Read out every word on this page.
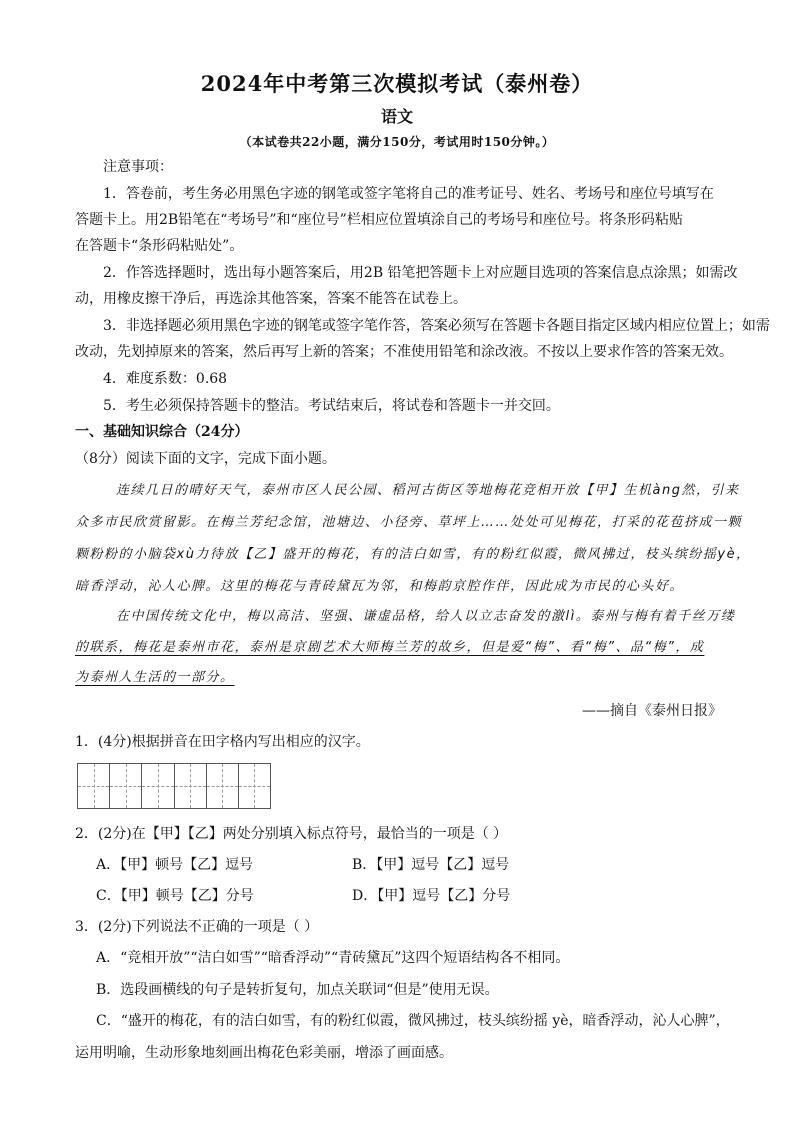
2024年中考第三次模拟考试（泰州卷）
语文
（本试卷共22小题，满分150分，考试用时150分钟。）
注意事项：
1．答卷前，考生务必用黑色字迹的钢笔或签字笔将自己的准考证号、姓名、考场号和座位号填写在
答题卡上。用2B铅笔在“考场号”和“座位号”栏相应位置填涂自己的考场号和座位号。将条形码粘贴
在答题卡“条形码粘贴处”。
2．作答选择题时，选出每小题答案后，用2B 铅笔把答题卡上对应题目选项的答案信息点涂黑；如需改
动，用橡皮擦干净后，再选涂其他答案，答案不能答在试卷上。
3．非选择题必须用黑色字迹的钢笔或签字笔作答，答案必须写在答题卡各题目指定区域内相应位置上；如需
改动，先划掉原来的答案，然后再写上新的答案；不准使用铅笔和涂改液。不按以上要求作答的答案无效。
4．难度系数：0.68
5．考生必须保持答题卡的整洁。考试结束后，将试卷和答题卡一并交回。
一、基础知识综合（24分）
（8分）阅读下面的文字，完成下面小题。
连续几日的晴好天气，泰州市区人民公园、稻河古街区等地梅花竞相开放【甲】生机àng然，引来
众多市民欣赏留影。在梅兰芳纪念馆，池塘边、小径旁、草坪上……处处可见梅花，打采的花苞挤成一颗
颗粉粉的小脑袋xù力待放【乙】盛开的梅花，有的洁白如雪，有的粉红似霞，微风拂过，枝头缤纷摇yè，
暗香浮动，沁人心脾。这里的梅花与青砖黛瓦为邻，和梅韵京腔作伴，因此成为市民的心头好。
在中国传统文化中，梅以高洁、坚强、谦虚品格，给人以立志奋发的激lì。泰州与梅有着千丝万缕
的联系，梅花是泰州市花，泰州是京剧艺术大师梅兰芳的故乡，但是爱“梅”、看“梅”、品“梅”，成
为泰州人生活的一部分。
——摘自《泰州日报》
1．(4分)根据拼音在田字格内写出相应的汉字。
2．(2分)在【甲】【乙】两处分别填入标点符号，最恰当的一项是（ ）
A．【甲】顿号【乙】逗号	B．【甲】逗号【乙】逗号
C．【甲】顿号【乙】分号	D．【甲】逗号【乙】分号
3．(2分)下列说法不正确的一项是（ ）
A．“竞相开放”“洁白如雪”“暗香浮动”“青砖黛瓦”这四个短语结构各不相同。
B．选段画横线的句子是转折复句，加点关联词“但是”使用无误。
C．“盛开的梅花，有的洁白如雪，有的粉红似霞，微风拂过，枝头缤纷摇 yè，暗香浮动，沁人心脾”，
运用明喻，生动形象地刻画出梅花色彩美丽，增添了画面感。
